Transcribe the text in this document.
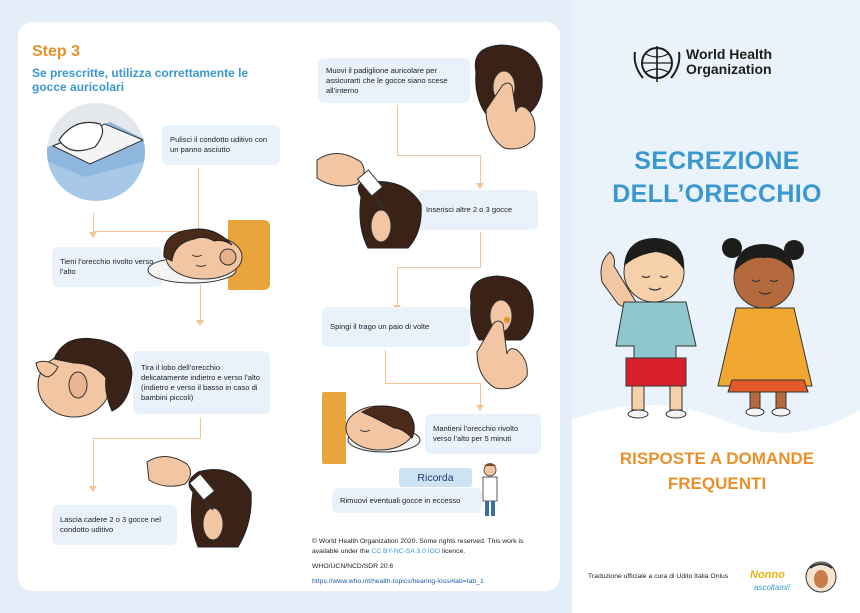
Step 3
Se prescritte, utilizza correttamente le gocce auricolari
Pulisci il condotto uditivo con un panno asciutto
Tieni l’orecchio rivolto verso l’alto
Tira il lobo dell’orecchio delicatamente indietro e verso l’alto (indietro e verso il basso in caso di bambini piccoli)
Lascia cadere 2 o 3 gocce nel condotto uditivo
Muovi il padiglione auricolare per assicurarti che le gocce siano scese all’interno
Inserisci altre 2 o 3 gocce
Spingi il trago un paio di volte
Mantieni l’orecchio rivolto verso l’alto per 5 minuti
Rimuovi eventuali gocce in eccesso
Ricorda
© World Health Organization 2020. Some rights reserved. This work is available under the CC BY-NC-SA 3.0 IGO licence.
WHO/UCN/NCD/SDR 20.6
https://www.who.int/health-topics/hearing-loss#tab=tab_1
World Health
Organization
SECREZIONE
DELL’ORECCHIO
RISPOSTE A DOMANDE
FREQUENTI
Traduzione ufficiale a cura di Udito Italia Onlus Nonno
ascoltami!
